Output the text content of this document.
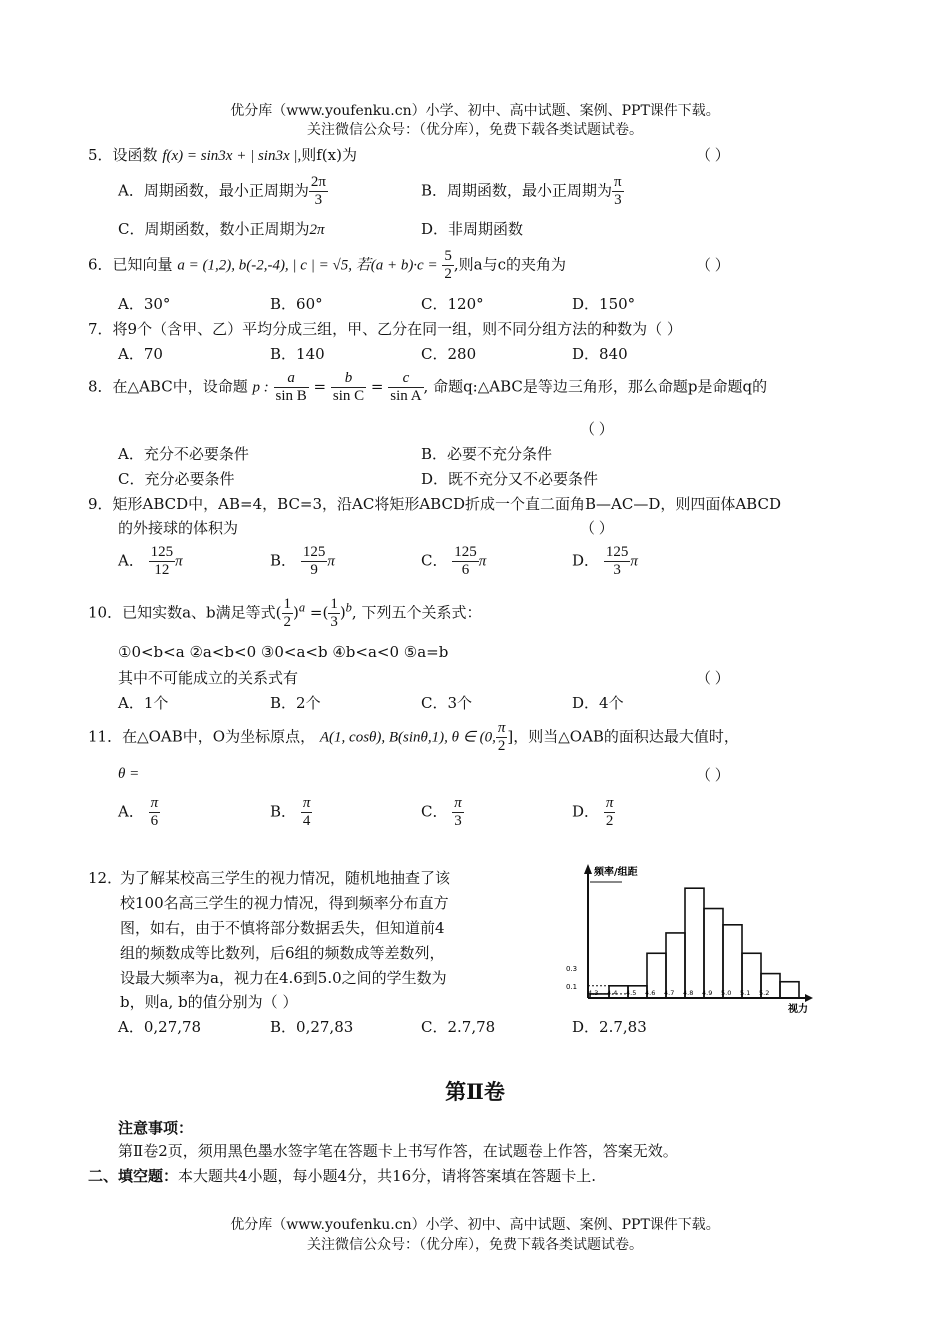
优分库（www.youfenku.cn）小学、初中、高中试题、案例、PPT课件下载。
关注微信公众号：（优分库），免费下载各类试题试卷。
5．设函数 f(x) = sin3x + | sin3x |,则f(x)为	（ ）
A．周期函数，最小正周期为 $\frac{2\pi}{3}$	B．周期函数，最小正周期为 $\frac{\pi}{3}$
C．周期函数，数小正周期为2π	D．非周期函数
6．已知向量 a = (1,2), b(-2,-4), | c | = √5, 若$(a + b)\cdot c = \frac{5}{2}$ ,则a与c的夹角为	（ ）
A．30°	B．60°	C．120°	D．150°
7．将9个（含甲、乙）平均分成三组，甲、乙分在同一组，则不同分组方法的种数为（ ）
A．70	B．140	C．280	D．840
8．在△ABC中，设命题 p : $\frac{a}{\text{sin B}} = \frac{b}{\text{sin C}} = \frac{c}{\text{sin A}}$ , 命题q:△ABC是等边三角形，那么命题p是命题q的
（ ）
A．充分不必要条件	B．必要不充分条件
C．充分必要条件	D．既不充分又不必要条件
9．矩形ABCD中，AB=4，BC=3，沿AC将矩形ABCD折成一个直二面角B—AC—D，则四面体ABCD
的外接球的体积为	（ ）
A． $\frac{125}{12}$ π	B． $\frac{125}{9}$ π	C． $\frac{125}{6}$ π	D． $\frac{125}{3}$ π
10．已知实数a、b满足等式( $\frac{1}{2} )^a$ =( $\frac{1}{3} )^b$, 下列五个关系式：
①0<b<a ②a<b<0 ③0<a<b ④b<a<0 ⑤a=b
其中不可能成立的关系式有	（ ）
A．1个	B．2个	C．3个	D．4个
11．在△OAB中，O为坐标原点， A(1, cosθ), B(sinθ,1), θ ∈ (0, $\frac{\pi}{2}$ ]，则当△OAB的面积达最大值时，
θ =	（ ）
A． $\frac{\pi}{6}$	B． $\frac{\pi}{4}$	C． $\frac{\pi}{3}$	D． $\frac{\pi}{2}$
12．
为了解某校高三学生的视力情况，随机地抽查了该
校100名高三学生的视力情况，得到频率分布直方
图，如右，由于不慎将部分数据丢失，但知道前4
组的频数成等比数列，后6组的频数成等差数列，
设最大频率为a，视力在4.6到5.0之间的学生数为
b，则a, b的值分别为（ ）
A．0,27,78	B．0,27,83	C．2.7,78	D．2.7,83
频率/组距
视力
0.3
0.1
4.3 4.4 4.5 4.6 4.7 4.8 4.9 5.0 5.1 5.2
第Ⅱ卷
注意事项：
第Ⅱ卷2页，须用黑色墨水签字笔在答题卡上书写作答，在试题卷上作答，答案无效。
二、填空题：本大题共4小题，每小题4分，共16分，请将答案填在答题卡上.
优分库（www.youfenku.cn）小学、初中、高中试题、案例、PPT课件下载。
关注微信公众号：（优分库），免费下载各类试题试卷。
